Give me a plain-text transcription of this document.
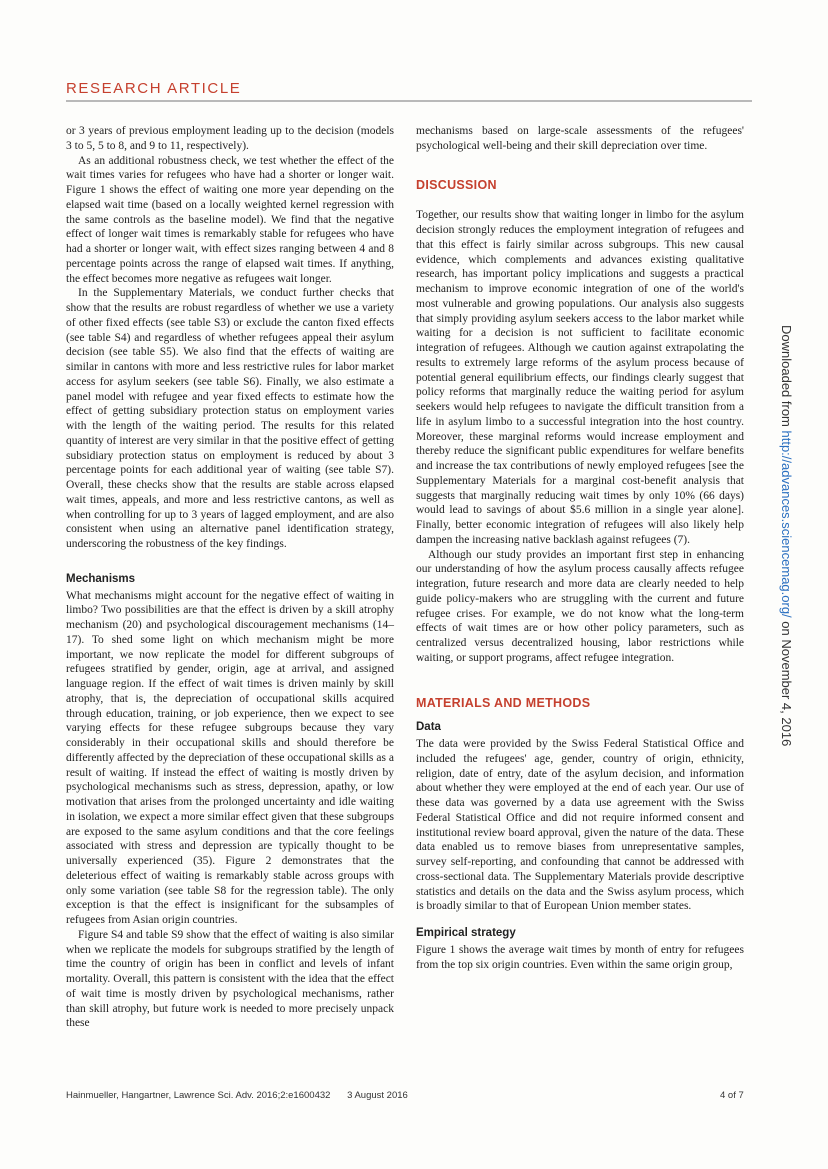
RESEARCH ARTICLE

or 3 years of previous employment leading up to the decision (models 3 to 5, 5 to 8, and 9 to 11, respectively).

As an additional robustness check, we test whether the effect of the wait times varies for refugees who have had a shorter or longer wait. Figure 1 shows the effect of waiting one more year depending on the elapsed wait time (based on a locally weighted kernel regression with the same controls as the baseline model). We find that the negative effect of longer wait times is remarkably stable for refugees who have had a shorter or longer wait, with effect sizes ranging between 4 and 8 percentage points across the range of elapsed wait times. If anything, the effect becomes more negative as refugees wait longer.

In the Supplementary Materials, we conduct further checks that show that the results are robust regardless of whether we use a variety of other fixed effects (see table S3) or exclude the canton fixed effects (see table S4) and regardless of whether refugees appeal their asylum decision (see table S5). We also find that the effects of waiting are similar in cantons with more and less restrictive rules for labor market access for asylum seekers (see table S6). Finally, we also estimate a panel model with refugee and year fixed effects to estimate how the effect of getting subsidiary protection status on employment varies with the length of the waiting period. The results for this related quantity of interest are very similar in that the positive effect of getting subsidiary protection status on employment is reduced by about 3 percentage points for each additional year of waiting (see table S7). Overall, these checks show that the results are stable across elapsed wait times, appeals, and more and less restrictive cantons, as well as when controlling for up to 3 years of lagged employment, and are also consistent when using an alternative panel identification strategy, underscoring the robustness of the key findings.

Mechanisms

What mechanisms might account for the negative effect of waiting in limbo? Two possibilities are that the effect is driven by a skill atrophy mechanism (20) and psychological discouragement mechanisms (14–17). To shed some light on which mechanism might be more important, we now replicate the model for different subgroups of refugees stratified by gender, origin, age at arrival, and assigned language region. If the effect of wait times is driven mainly by skill atrophy, that is, the depreciation of occupational skills acquired through education, training, or job experience, then we expect to see varying effects for these refugee subgroups because they vary considerably in their occupational skills and should therefore be differently affected by the depreciation of these occupational skills as a result of waiting. If instead the effect of waiting is mostly driven by psychological mechanisms such as stress, depression, apathy, or low motivation that arises from the prolonged uncertainty and idle waiting in isolation, we expect a more similar effect given that these subgroups are exposed to the same asylum conditions and that the core feelings associated with stress and depression are typically thought to be universally experienced (35). Figure 2 demonstrates that the deleterious effect of waiting is remarkably stable across groups with only some variation (see table S8 for the regression table). The only exception is that the effect is insignificant for the subsamples of refugees from Asian origin countries.

Figure S4 and table S9 show that the effect of waiting is also similar when we replicate the models for subgroups stratified by the length of time the country of origin has been in conflict and levels of infant mortality. Overall, this pattern is consistent with the idea that the effect of wait time is mostly driven by psychological mechanisms, rather than skill atrophy, but future work is needed to more precisely unpack these

mechanisms based on large-scale assessments of the refugees' psychological well-being and their skill depreciation over time.

DISCUSSION

Together, our results show that waiting longer in limbo for the asylum decision strongly reduces the employment integration of refugees and that this effect is fairly similar across subgroups. This new causal evidence, which complements and advances existing qualitative research, has important policy implications and suggests a practical mechanism to improve economic integration of one of the world's most vulnerable and growing populations. Our analysis also suggests that simply providing asylum seekers access to the labor market while waiting for a decision is not sufficient to facilitate economic integration of refugees. Although we caution against extrapolating the results to extremely large reforms of the asylum process because of potential general equilibrium effects, our findings clearly suggest that policy reforms that marginally reduce the waiting period for asylum seekers would help refugees to navigate the difficult transition from a life in asylum limbo to a successful integration into the host country. Moreover, these marginal reforms would increase employment and thereby reduce the significant public expenditures for welfare benefits and increase the tax contributions of newly employed refugees [see the Supplementary Materials for a marginal cost-benefit analysis that suggests that marginally reducing wait times by only 10% (66 days) would lead to savings of about $5.6 million in a single year alone]. Finally, better economic integration of refugees will also likely help dampen the increasing native backlash against refugees (7).

Although our study provides an important first step in enhancing our understanding of how the asylum process causally affects refugee integration, future research and more data are clearly needed to help guide policy-makers who are struggling with the current and future refugee crises. For example, we do not know what the long-term effects of wait times are or how other policy parameters, such as centralized versus decentralized housing, labor restrictions while waiting, or support programs, affect refugee integration.

MATERIALS AND METHODS
Data

The data were provided by the Swiss Federal Statistical Office and included the refugees' age, gender, country of origin, ethnicity, religion, date of entry, date of the asylum decision, and information about whether they were employed at the end of each year. Our use of these data was governed by a data use agreement with the Swiss Federal Statistical Office and did not require informed consent and institutional review board approval, given the nature of the data. These data enabled us to remove biases from unrepresentative samples, survey self-reporting, and confounding that cannot be addressed with cross-sectional data. The Supplementary Materials provide descriptive statistics and details on the data and the Swiss asylum process, which is broadly similar to that of European Union member states.

Empirical strategy

Figure 1 shows the average wait times by month of entry for refugees from the top six origin countries. Even within the same origin group,

Hainmueller, Hangartner, Lawrence Sci. Adv. 2016;2:e1600432 3 August 2016	4 of 7
Downloaded from http://advances.sciencemag.org/ on November 4, 2016
